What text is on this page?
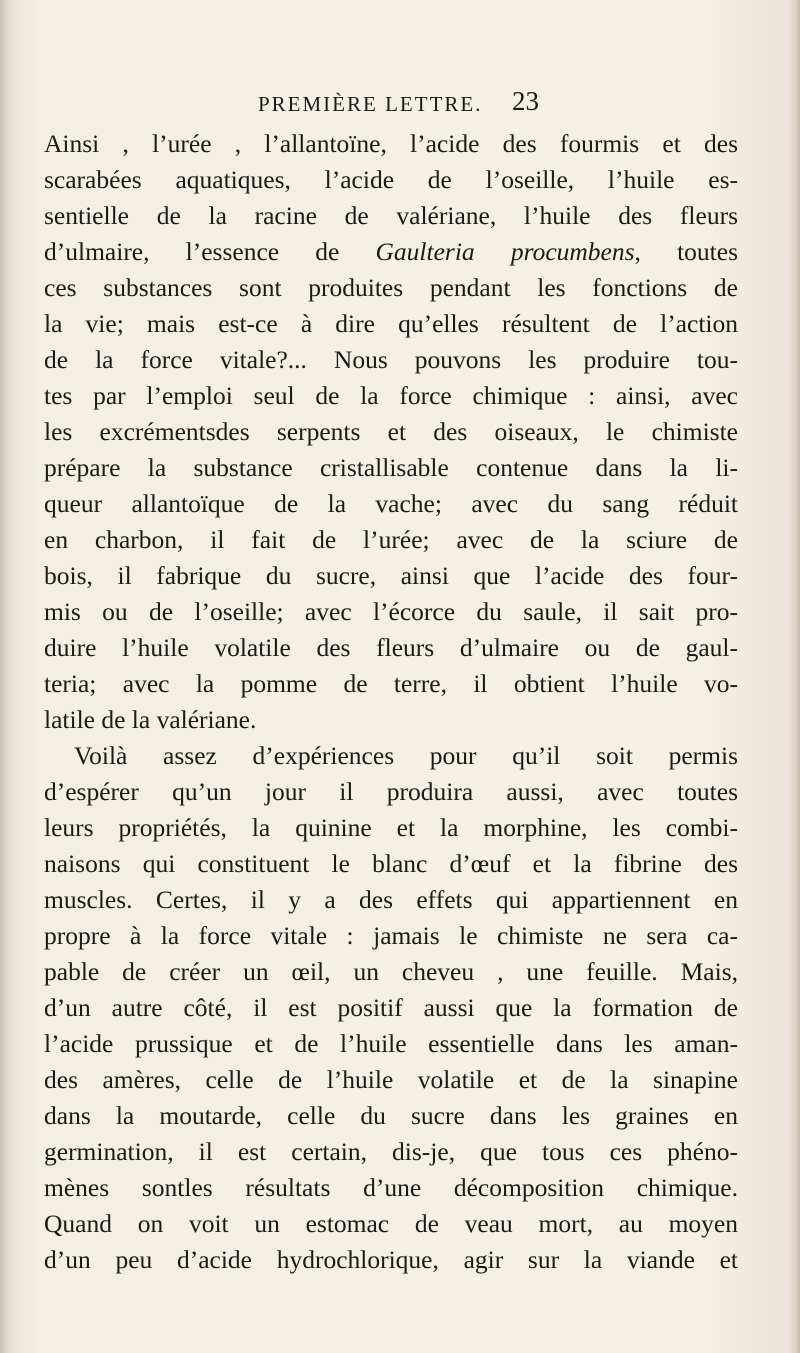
PREMIÈRE LETTRE. 23
Ainsi , l’urée , l’allantoïne, l’acide des fourmis et des
scarabées aquatiques, l’acide de l’oseille, l’huile es-
sentielle de la racine de valériane, l’huile des fleurs
d’ulmaire, l’essence de Gaulteria procumbens, toutes
ces substances sont produites pendant les fonctions de
la vie; mais est-ce à dire qu’elles résultent de l’action
de la force vitale?... Nous pouvons les produire tou-
tes par l’emploi seul de la force chimique : ainsi, avec
les excrémentsdes serpents et des oiseaux, le chimiste
prépare la substance cristallisable contenue dans la li-
queur allantoïque de la vache; avec du sang réduit
en charbon, il fait de l’urée; avec de la sciure de
bois, il fabrique du sucre, ainsi que l’acide des four-
mis ou de l’oseille; avec l’écorce du saule, il sait pro-
duire l’huile volatile des fleurs d’ulmaire ou de gaul-
teria; avec la pomme de terre, il obtient l’huile vo-
latile de la valériane.
Voilà assez d’expériences pour qu’il soit permis
d’espérer qu’un jour il produira aussi, avec toutes
leurs propriétés, la quinine et la morphine, les combi-
naisons qui constituent le blanc d’œuf et la fibrine des
muscles. Certes, il y a des effets qui appartiennent en
propre à la force vitale : jamais le chimiste ne sera ca-
pable de créer un œil, un cheveu , une feuille. Mais,
d’un autre côté, il est positif aussi que la formation de
l’acide prussique et de l’huile essentielle dans les aman-
des amères, celle de l’huile volatile et de la sinapine
dans la moutarde, celle du sucre dans les graines en
germination, il est certain, dis-je, que tous ces phéno-
mènes sontles résultats d’une décomposition chimique.
Quand on voit un estomac de veau mort, au moyen
d’un peu d’acide hydrochlorique, agir sur la viande et
